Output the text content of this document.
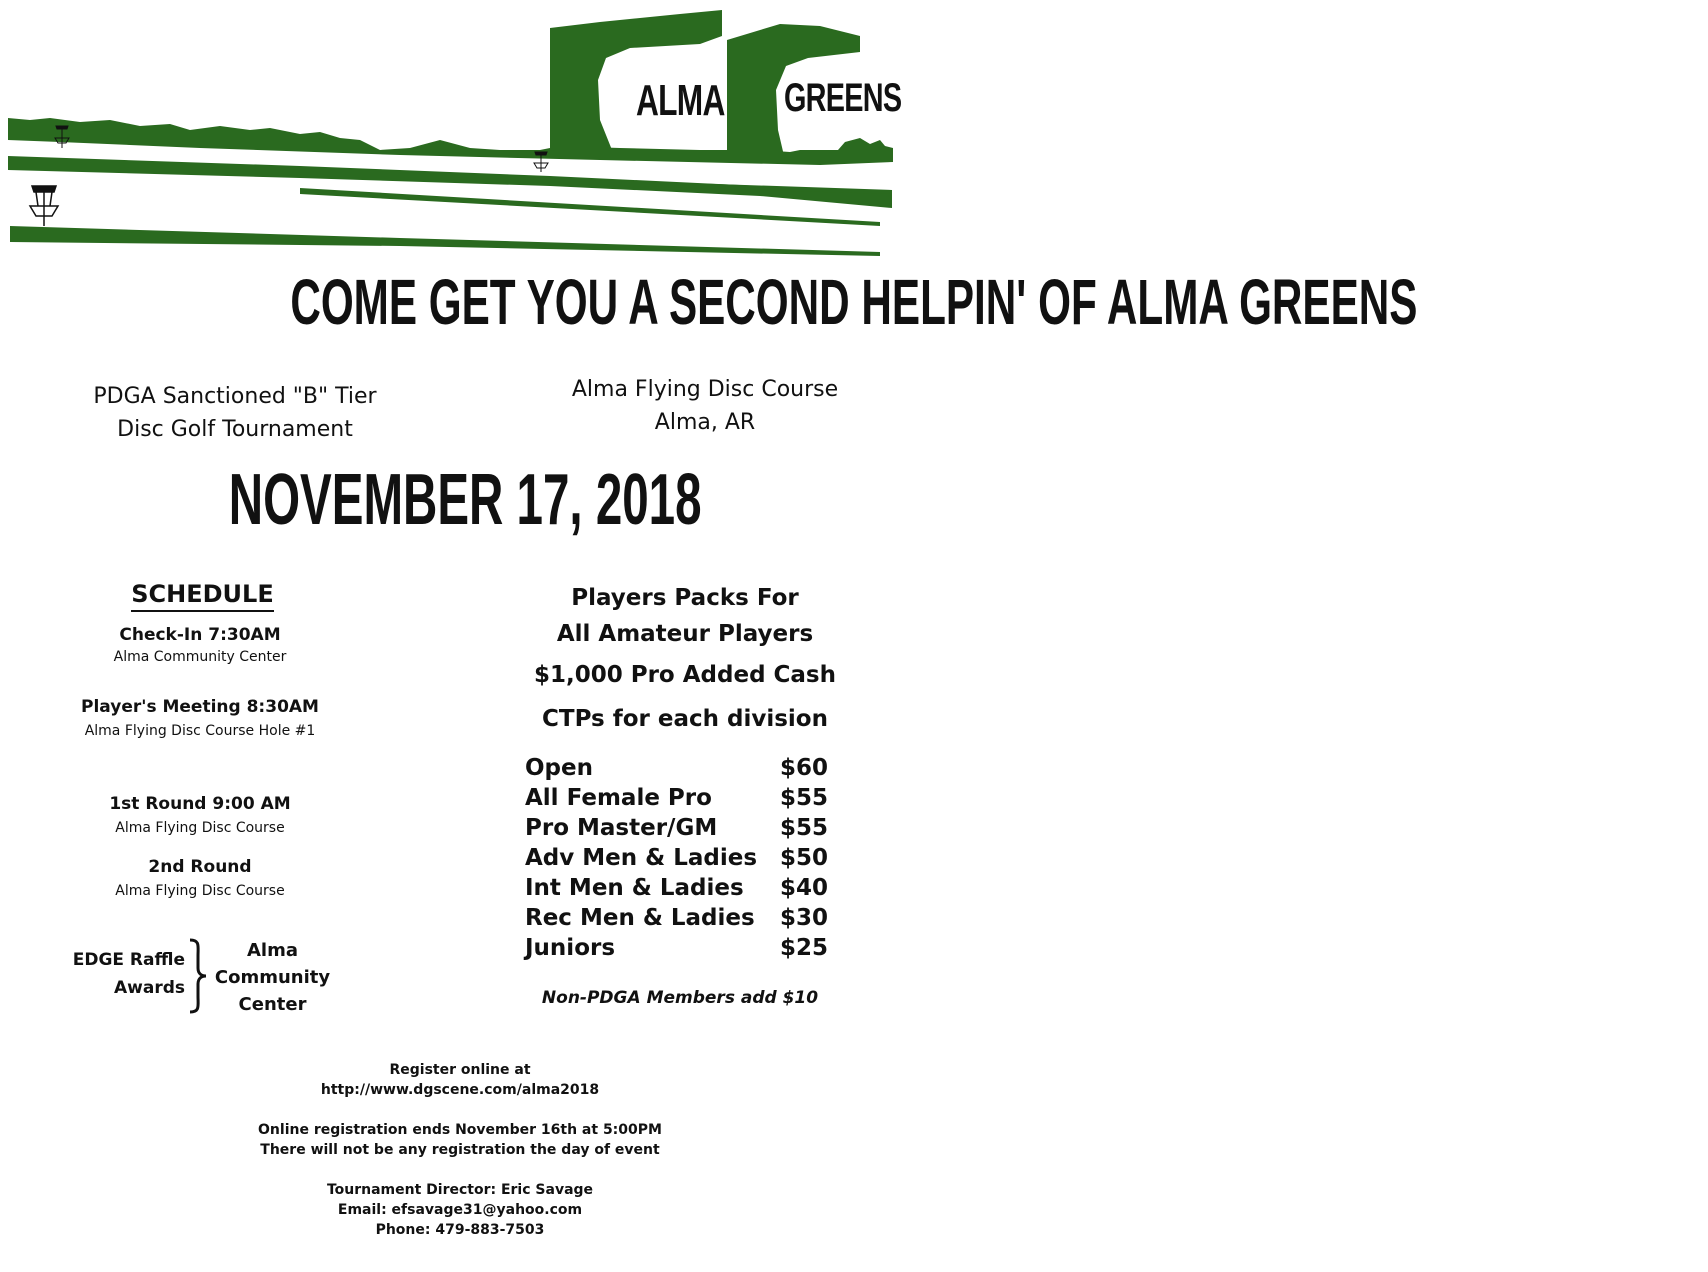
ALMA GREENS
COME GET YOU A SECOND HELPIN' OF ALMA GREENS
PDGA Sanctioned "B" Tier
Disc Golf Tournament
Alma Flying Disc Course
Alma, AR
NOVEMBER 17, 2018
SCHEDULE
Check-In 7:30AM
Alma Community Center
Player's Meeting 8:30AM
Alma Flying Disc Course Hole #1
1st Round 9:00 AM
Alma Flying Disc Course
2nd Round
Alma Flying Disc Course
EDGE Raffle
Awards
Alma
Community
Center
Players Packs For
All Amateur Players
$1,000 Pro Added Cash
CTPs for each division
Open	$60
All Female Pro	$55
Pro Master/GM	$55
Adv Men & Ladies $50
Int Men & Ladies $40
Rec Men & Ladies $30
Juniors	$25
Non-PDGA Members add $10
Register online at
http://www.dgscene.com/alma2018
Online registration ends November 16th at 5:00PM
There will not be any registration the day of event
Tournament Director: Eric Savage
Email: efsavage31@yahoo.com
Phone: 479-883-7503
